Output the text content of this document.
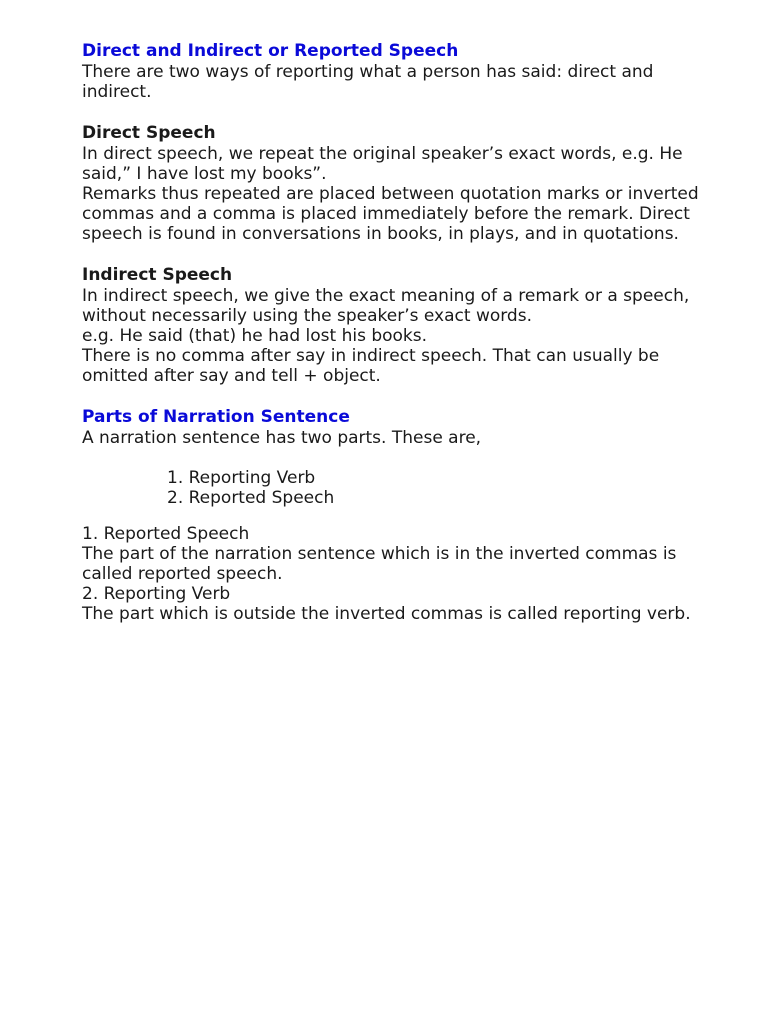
Direct and Indirect or Reported Speech

There are two ways of reporting what a person has said: direct and indirect.

Direct Speech

In direct speech, we repeat the original speaker’s exact words, e.g. He said,” I have lost my books”.

Remarks thus repeated are placed between quotation marks or inverted commas and a comma is placed immediately before the remark. Direct speech is found in conversations in books, in plays, and in quotations.

Indirect Speech

In indirect speech, we give the exact meaning of a remark or a speech, without necessarily using the speaker’s exact words.

e.g. He said (that) he had lost his books.

There is no comma after say in indirect speech. That can usually be omitted after say and tell + object.

Parts of Narration Sentence

A narration sentence has two parts. These are,

1. Reporting Verb
2. Reported Speech

1. Reported Speech

The part of the narration sentence which is in the inverted commas is called reported speech.

2. Reporting Verb

The part which is outside the inverted commas is called reporting verb.
